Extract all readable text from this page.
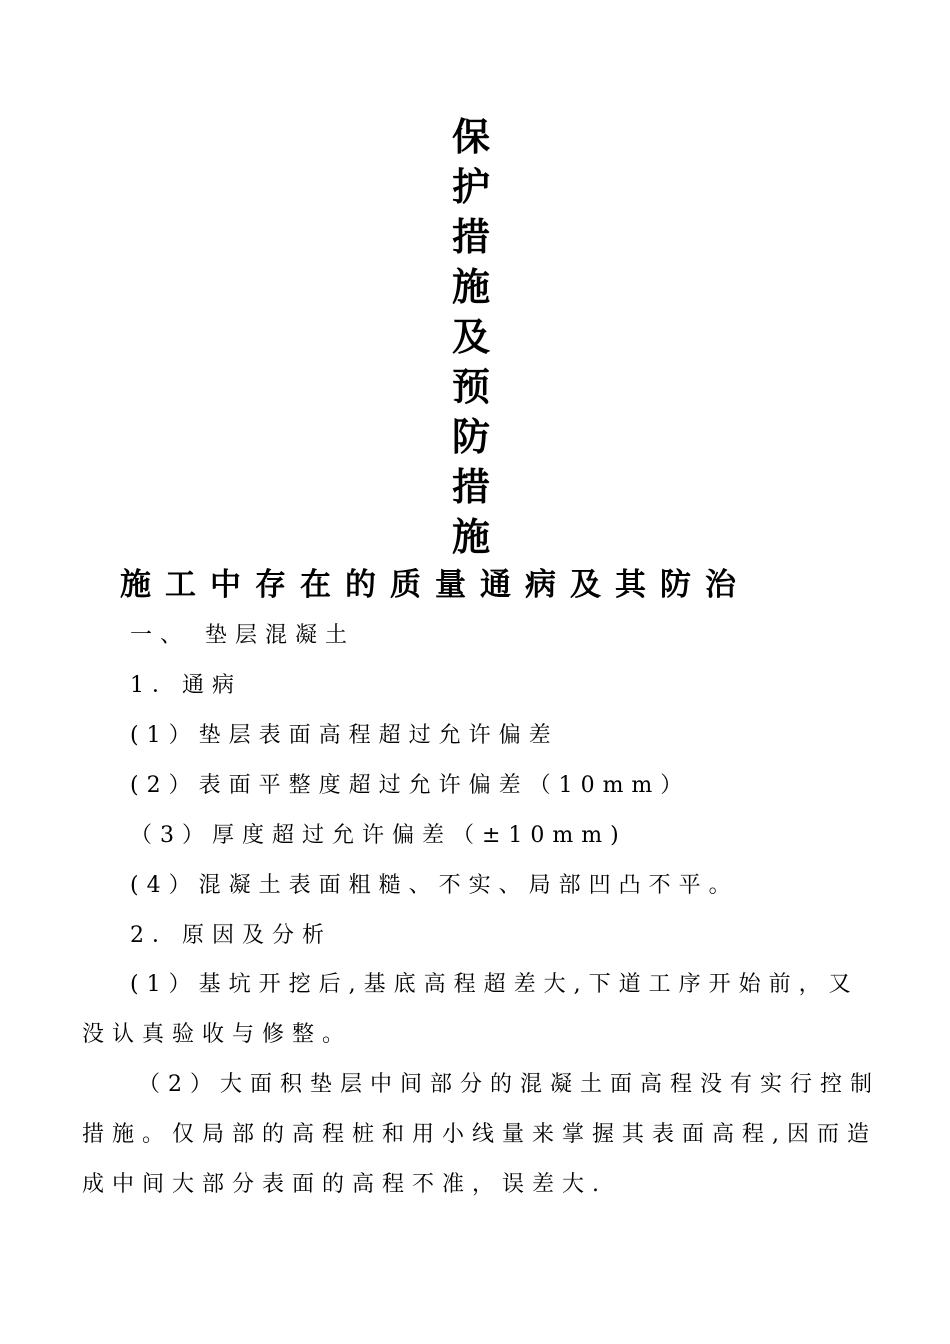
保护措施及预防措施
施工中存在的质量通病及其防治

一、 垫层混凝土

1．通病

(1）垫层表面高程超过允许偏差

(2）表面平整度超过允许偏差（10mm）

（3）厚度超过允许偏差（±10mm)

(4）混凝土表面粗糙、不实、局部凹凸不平。

2．原因及分析

(1）基坑开挖后,基底高程超差大,下道工序开始前，又没认真验收与修整。

（2）大面积垫层中间部分的混凝土面高程没有实行控制措施。仅局部的高程桩和用小线量来掌握其表面高程,因而造成中间大部分表面的高程不准，误差大.
